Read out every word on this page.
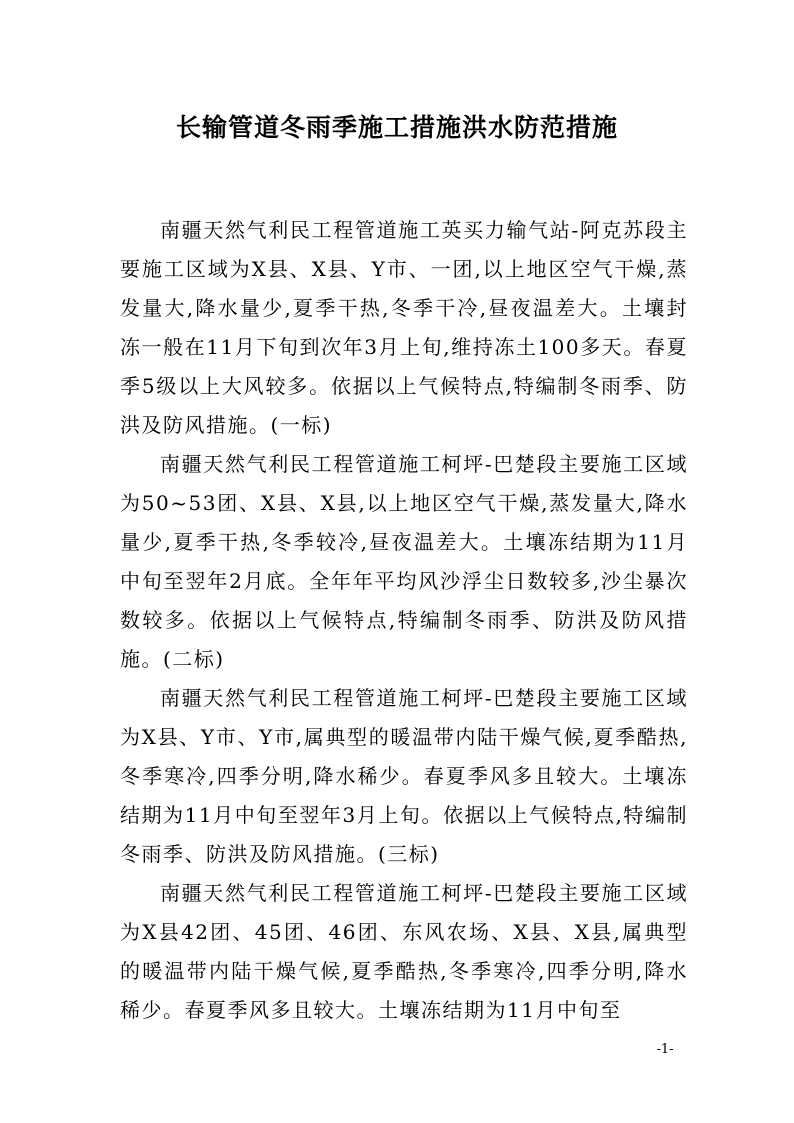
长输管道冬雨季施工措施洪水防范措施

南疆天然气利民工程管道施工英买力输气站-阿克苏段主要施工区域为X县、X县、Y市、一团,以上地区空气干燥,蒸发量大,降水量少,夏季干热,冬季干冷,昼夜温差大。土壤封冻一般在11月下旬到次年3月上旬,维持冻土100多天。春夏季5级以上大风较多。依据以上气候特点,特编制冬雨季、防洪及防风措施。(一标)

南疆天然气利民工程管道施工柯坪-巴楚段主要施工区域为50~53团、X县、X县,以上地区空气干燥,蒸发量大,降水量少,夏季干热,冬季较冷,昼夜温差大。土壤冻结期为11月中旬至翌年2月底。全年年平均风沙浮尘日数较多,沙尘暴次数较多。依据以上气候特点,特编制冬雨季、防洪及防风措施。(二标)

南疆天然气利民工程管道施工柯坪-巴楚段主要施工区域为X县、Y市、Y市,属典型的暖温带内陆干燥气候,夏季酷热,冬季寒冷,四季分明,降水稀少。春夏季风多且较大。土壤冻结期为11月中旬至翌年3月上旬。依据以上气候特点,特编制冬雨季、防洪及防风措施。(三标)

南疆天然气利民工程管道施工柯坪-巴楚段主要施工区域为X县42团、45团、46团、东风农场、X县、X县,属典型的暖温带内陆干燥气候,夏季酷热,冬季寒冷,四季分明,降水稀少。春夏季风多且较大。土壤冻结期为11月中旬至

-1-
